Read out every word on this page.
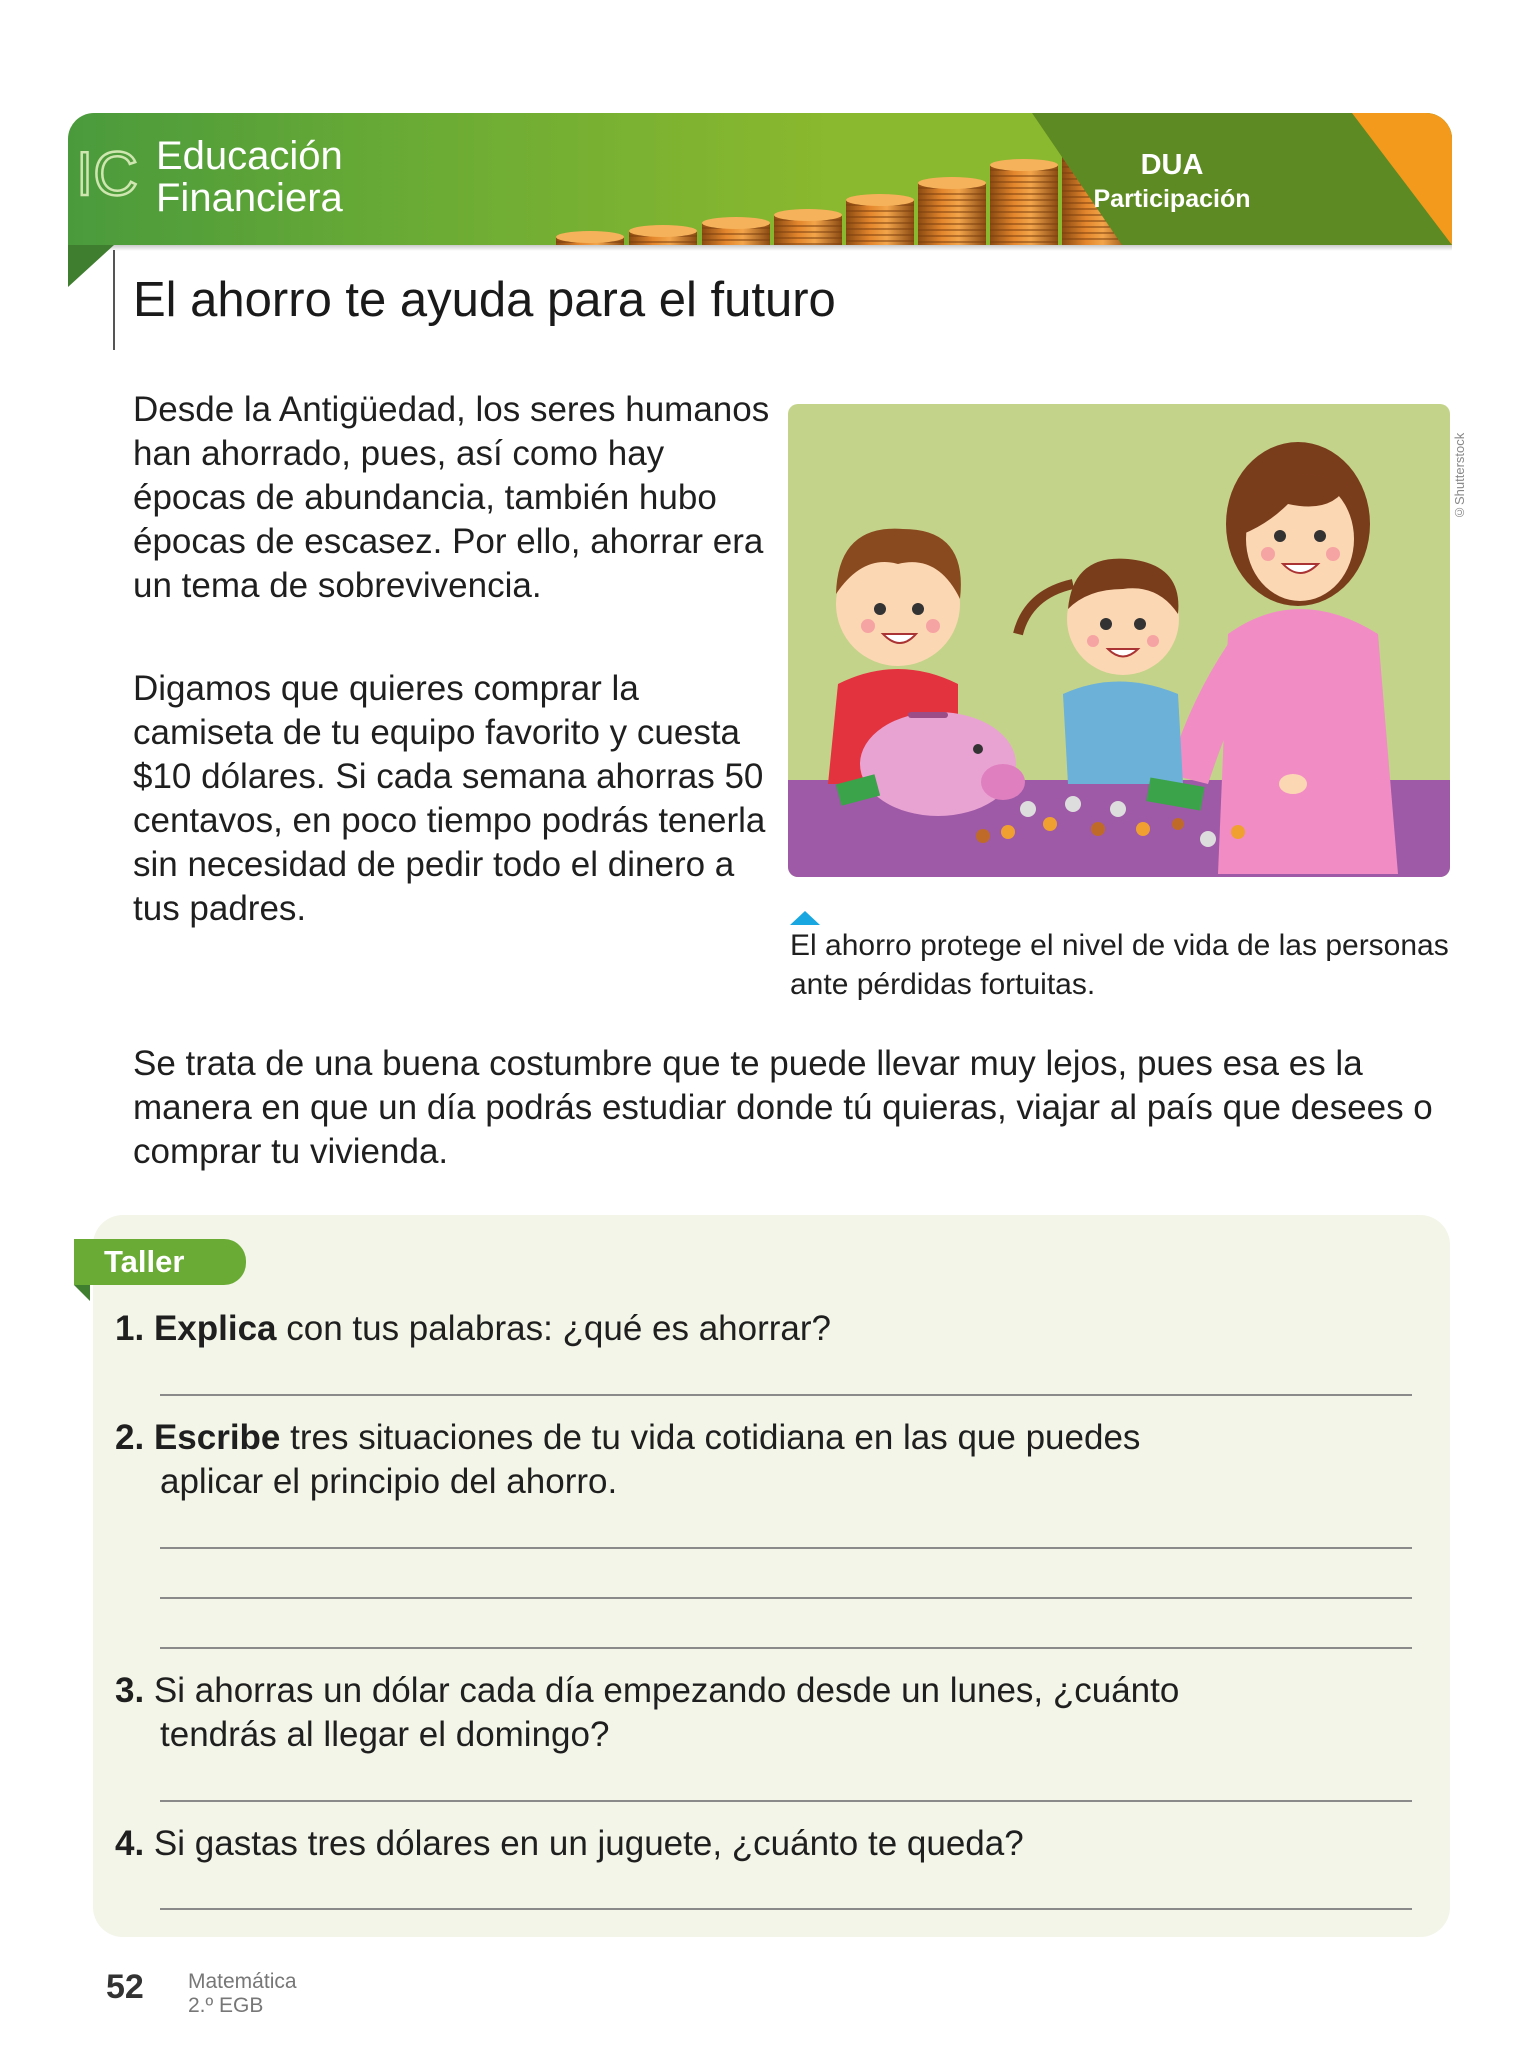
IC Educación
Financiera
DUA
Participación
El ahorro te ayuda para el futuro

Desde la Antigüedad, los seres humanos han ahorrado, pues, así como hay épocas de abundancia, también hubo épocas de escasez. Por ello, ahorrar era un tema de sobrevivencia.

Digamos que quieres comprar la camiseta de tu equipo favorito y cuesta $10 dólares. Si cada semana ahorras 50 centavos, en poco tiempo podrás tenerla sin necesidad de pedir todo el dinero a tus padres.

©Shutterstock

El ahorro protege el nivel de vida de las personas ante pérdidas fortuitas.

Se trata de una buena costumbre que te puede llevar muy lejos, pues esa es la manera en que un día podrás estudiar donde tú quieras, viajar al país que desees o comprar tu vivienda.

Taller

1. Explica con tus palabras: ¿qué es ahorrar?

2. Escribe tres situaciones de tu vida cotidiana en las que puedes

aplicar el principio del ahorro.

3. Si ahorras un dólar cada día empezando desde un lunes, ¿cuánto

tendrás al llegar el domingo?

4. Si gastas tres dólares en un juguete, ¿cuánto te queda?

52 Matemática
2.º EGB
